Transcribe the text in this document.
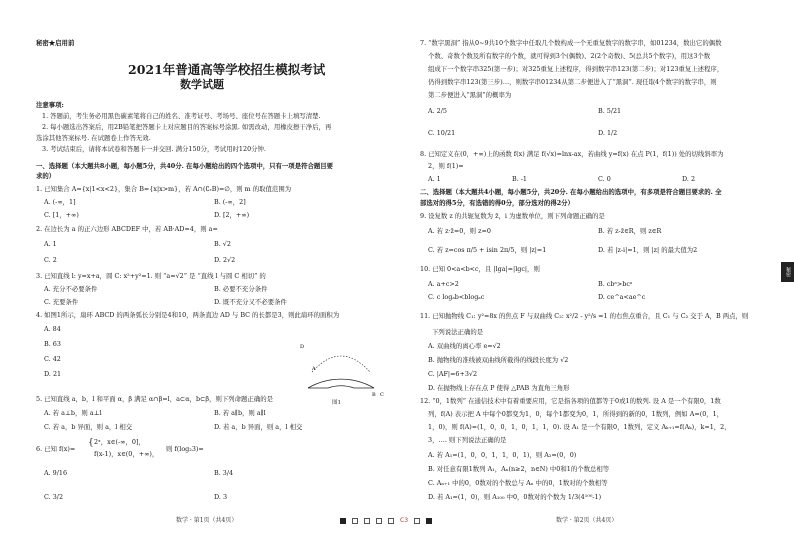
秘密★启用前
2021年普通高等学校招生模拟考试
数学试题
注意事项:
1. 答题前，考生务必用黑色碳素笔将自己的姓名、准考证号、考场号、座位号在答题卡上填写清楚.
2. 每小题选出答案后，用2B铅笔把答题卡上对应题目的答案标号涂黑. 如需改动，用橡皮擦干净后，再
选涂其他答案标号. 在试题卷上作答无效.
3. 考试结束后，请将本试卷和答题卡一并交回. 满分150分，考试用时120分钟.
一、选择题（本大题共8小题，每小题5分，共40分. 在每小题给出的四个选项中，只有一项是符合题目要
求的）
1. 已知集合 A={x|1<x<2}，集合 B={x|x>m}，若 A∩(∁ᵣB)=∅，则 m 的取值范围为
A. (-∞，1]	B. (-∞，2]
C. [1，+∞)	D. [2，+∞)
2. 在边长为 a 的正六边形 ABCDEF 中，若 AB·AD=4，则 a=
A. 1	B. √2
C. 2	D. 2√2
3. 已知直线 l: y=x+a，圆 C: x²+y²=1. 则 “a=√2” 是 “直线 l 与圆 C 相切” 的
A. 充分不必要条件	B. 必要不充分条件
C. 充要条件	D. 既不充分又不必要条件
4. 如图1所示，扇环 ABCD 的两条弧长分别是4和10，两条直边 AD 与 BC 的长都是3，则此扇环的面积为
A. 84
B. 63
C. 42
D. 21
D
A
B C
图1
5. 已知直线 a，b，l 和平面 α，β 满足 α∩β=l，a⊂α，b⊂β，则下列命题正确的是
A. 若 a⊥b，则 a⊥l	B. 若 a∥b，则 a∥l
C. 若 a，b 异面，则 a，l 相交	D. 若 a，b 异面，则 a，l 相交
6. 已知 f(x)=
{ 2ˣ，x∈(-∞，0]，
f(x-1)，x∈(0，+∞)，
则 f(log₂3)=
A. 9/16	B. 3/4
C. 3/2	D. 3
数学 · 第1页（共4页）	C3
7. “数字黑洞” 指从0~9共10个数字中任取几个数构成一个无重复数字的数字串，如01234，数出它的偶数
个数、奇数个数及所有数字的个数，就可得到3个(偶数)、2(2个奇数)、5(总共5个数字)，用这3个数
组成下一个数字串325(第一步)；对325重复上述程序，得到数字串123(第二步)；对123重复上述程序，
仍得到数字串123(第三步)…，则数字串01234从第二步便进入了“黑洞”. 现任取4个数字的数字串，则
第二步便进入“黑洞”的概率为
A. 2/5	B. 5/21
C. 10/21	D. 1/2
8. 已知定义在(0，+∞)上的函数 f(x) 满足 f(√x)=lnx-ax，若曲线 y=f(x) 在点 P(1，f(1)) 处的切线斜率为
2，则 f(1)=
A. 1	B. -1	C. 0	D. 2
二、选择题（本大题共4小题，每小题5分，共20分. 在每小题给出的选项中，有多项是符合题目要求的. 全
部选对的得5分，有选错的得0分，部分选对的得2分）
9. 设复数 z 的共轭复数为 z̄，i 为虚数单位，则下列命题正确的是
A. 若 z·z̄=0，则 z=0	B. 若 z-z̄∈R，则 z∈R
C. 若 z=cos π/5 + isin 2π/5，则 |z|=1	D. 若 |z-i|=1，则 |z| 的最大值为2
10. 已知 0<a<b<c，且 |lga|=|lgc|，则
A. a+c>2	B. cbᵃ>bcᵃ
C. c logₐb<blogₐc	D. ce^a<ae^c
11. 已知抛物线 C₁: y²=8x 的焦点 F 与双曲线 C₂: x²/2 - y²/s =1 的右焦点重合，且 C₁ 与 C₂ 交于 A，B 两点，则
下列说法正确的是
A. 双曲线的离心率 e=√2
B. 抛物线的准线被双曲线所截得的线段长度为 √2
C. |AF|=6+3√2
D. 在抛物线上存在点 P 使得 △PAB 为直角三角形
12. “0，1数列” 在通信技术中有着重要应用，它是指各项的值都等于0或1的数列. 设 A 是一个有限0，1数
列，f(A) 表示把 A 中每个0都变为1，0，每个1都变为0，1，所得到的新的0，1数列，例如 A=(0，1，
1，0)，则 f(A)=(1，0，0，1，0，1，1，0). 设 A₁ 是一个有限0，1数列，定义 Aₖ₊₁=f(Aₖ)，k=1，2，
3，…. 则下列说法正确的是
A. 若 A₁=(1，0，0，1，1，0，1)，则 A₂=(0，0)
B. 对任意有限1数列 A₁，Aₙ(n≥2，n∈N) 中0和1的个数总相等
C. Aₙ₊₁ 中的0，0数对的个数总与 Aₙ 中的0，1数对的个数相等
D. 若 A₁=(1，0)，则 A₁₀₀ 中0，0数对的个数为 1/3(4¹⁰⁰-1)
数学 · 第2页（共4页）
秘密
